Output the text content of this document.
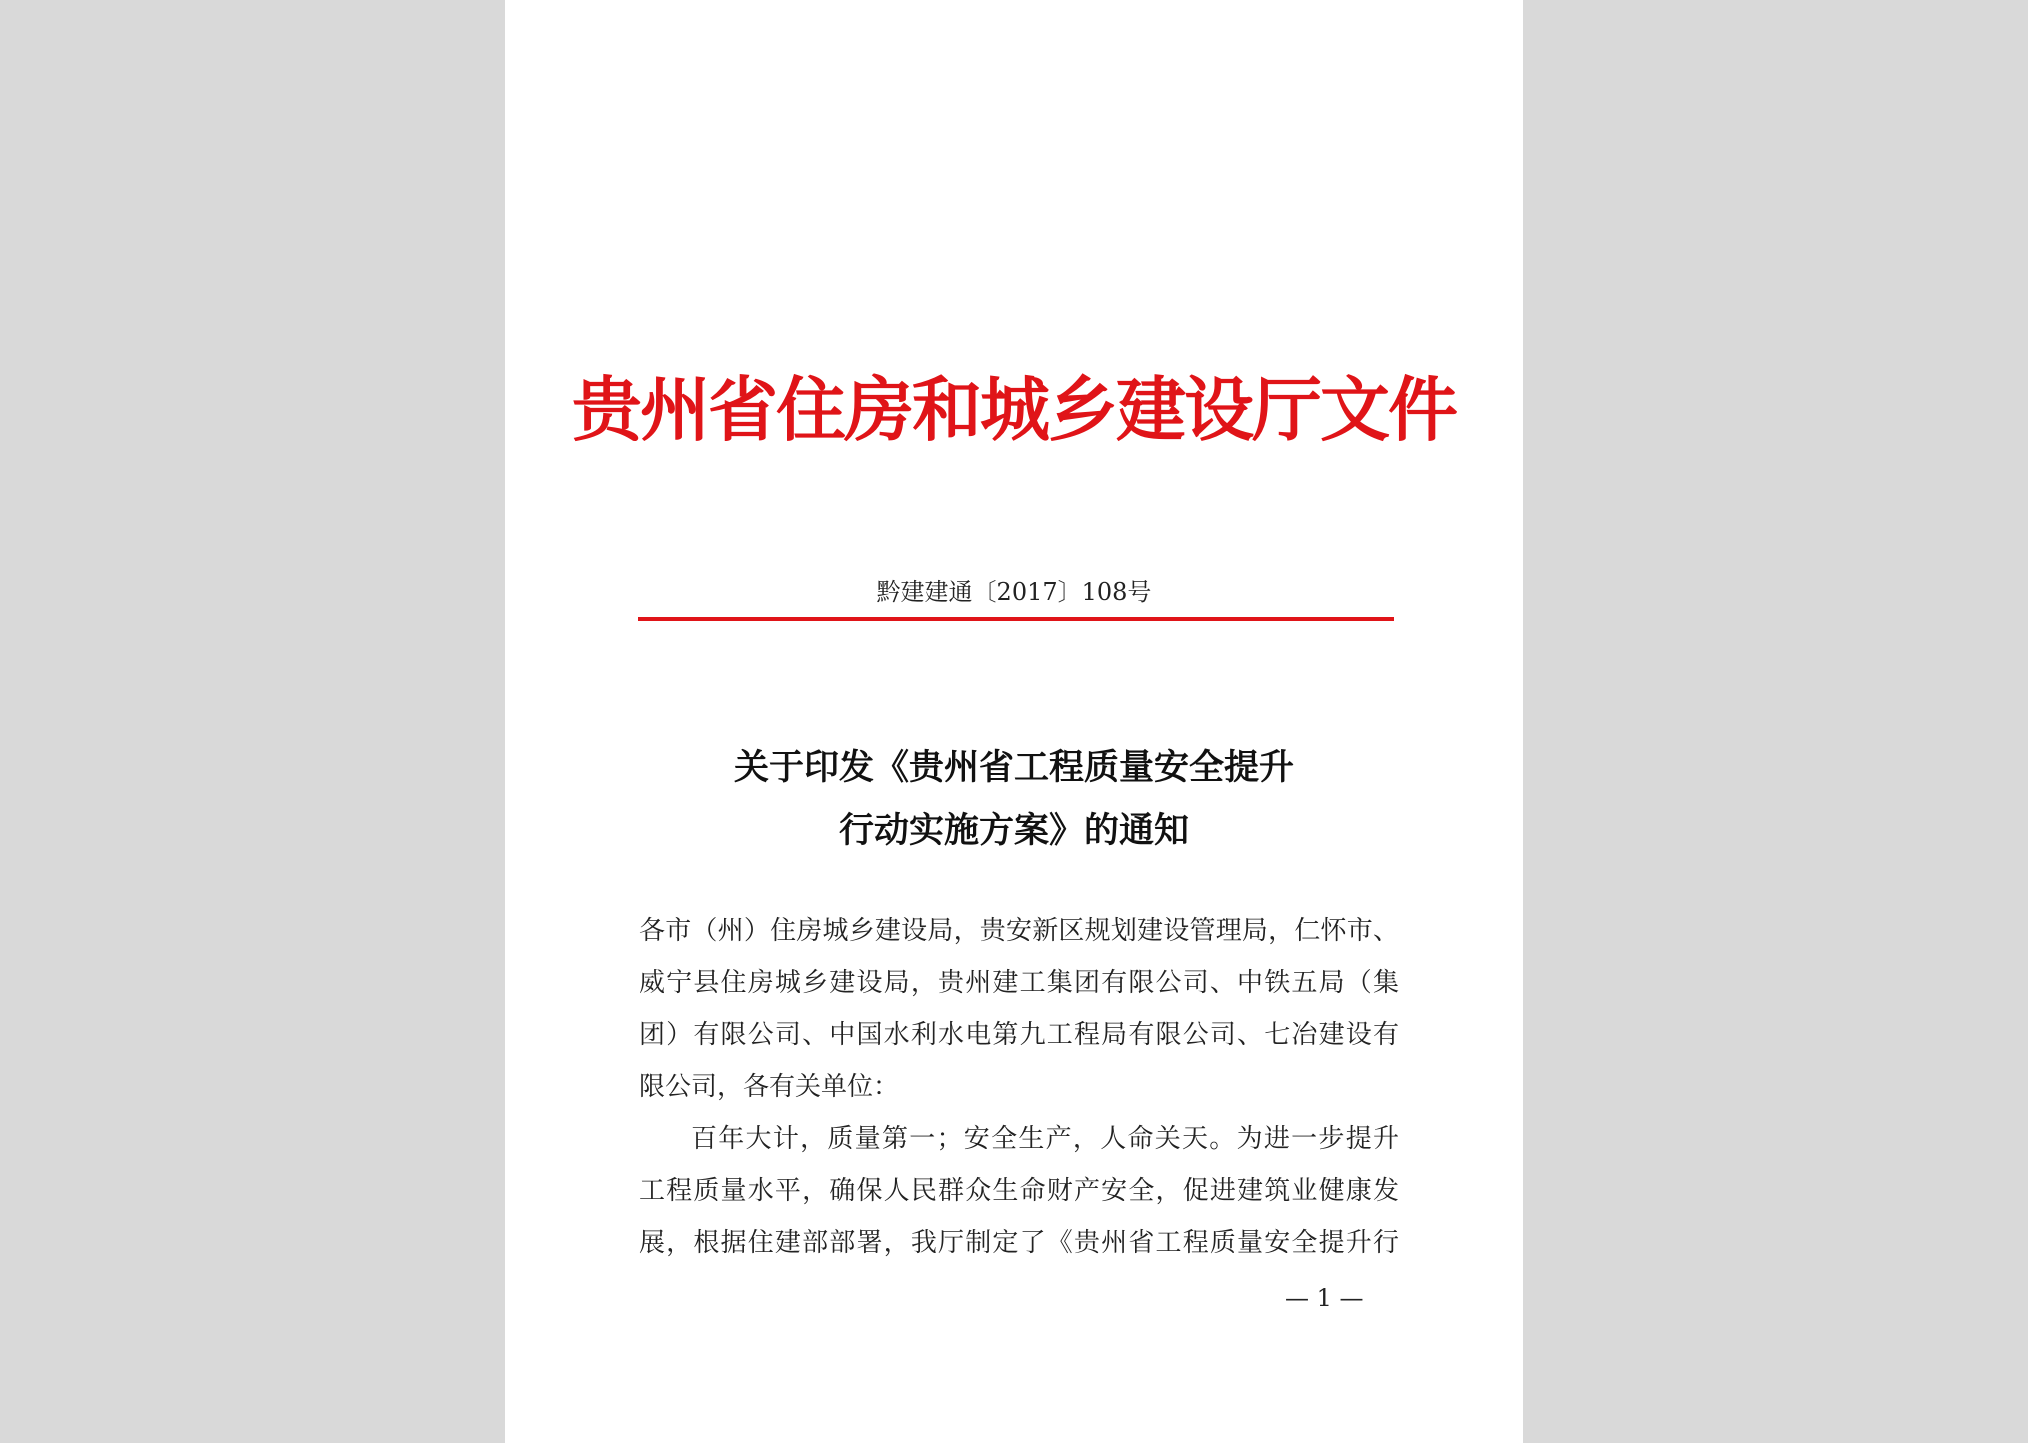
贵州省住房和城乡建设厅文件
黔建建通〔2017〕108号
关于印发《贵州省工程质量安全提升
行动实施方案》的通知
各市（州）住房城乡建设局，贵安新区规划建设管理局，仁怀市、
威宁县住房城乡建设局，贵州建工集团有限公司、中铁五局（集
团）有限公司、中国水利水电第九工程局有限公司、七冶建设有
限公司，各有关单位：
百年大计，质量第一；安全生产，人命关天。为进一步提升
工程质量水平，确保人民群众生命财产安全，促进建筑业健康发
展，根据住建部部署，我厅制定了《贵州省工程质量安全提升行
— 1 —
